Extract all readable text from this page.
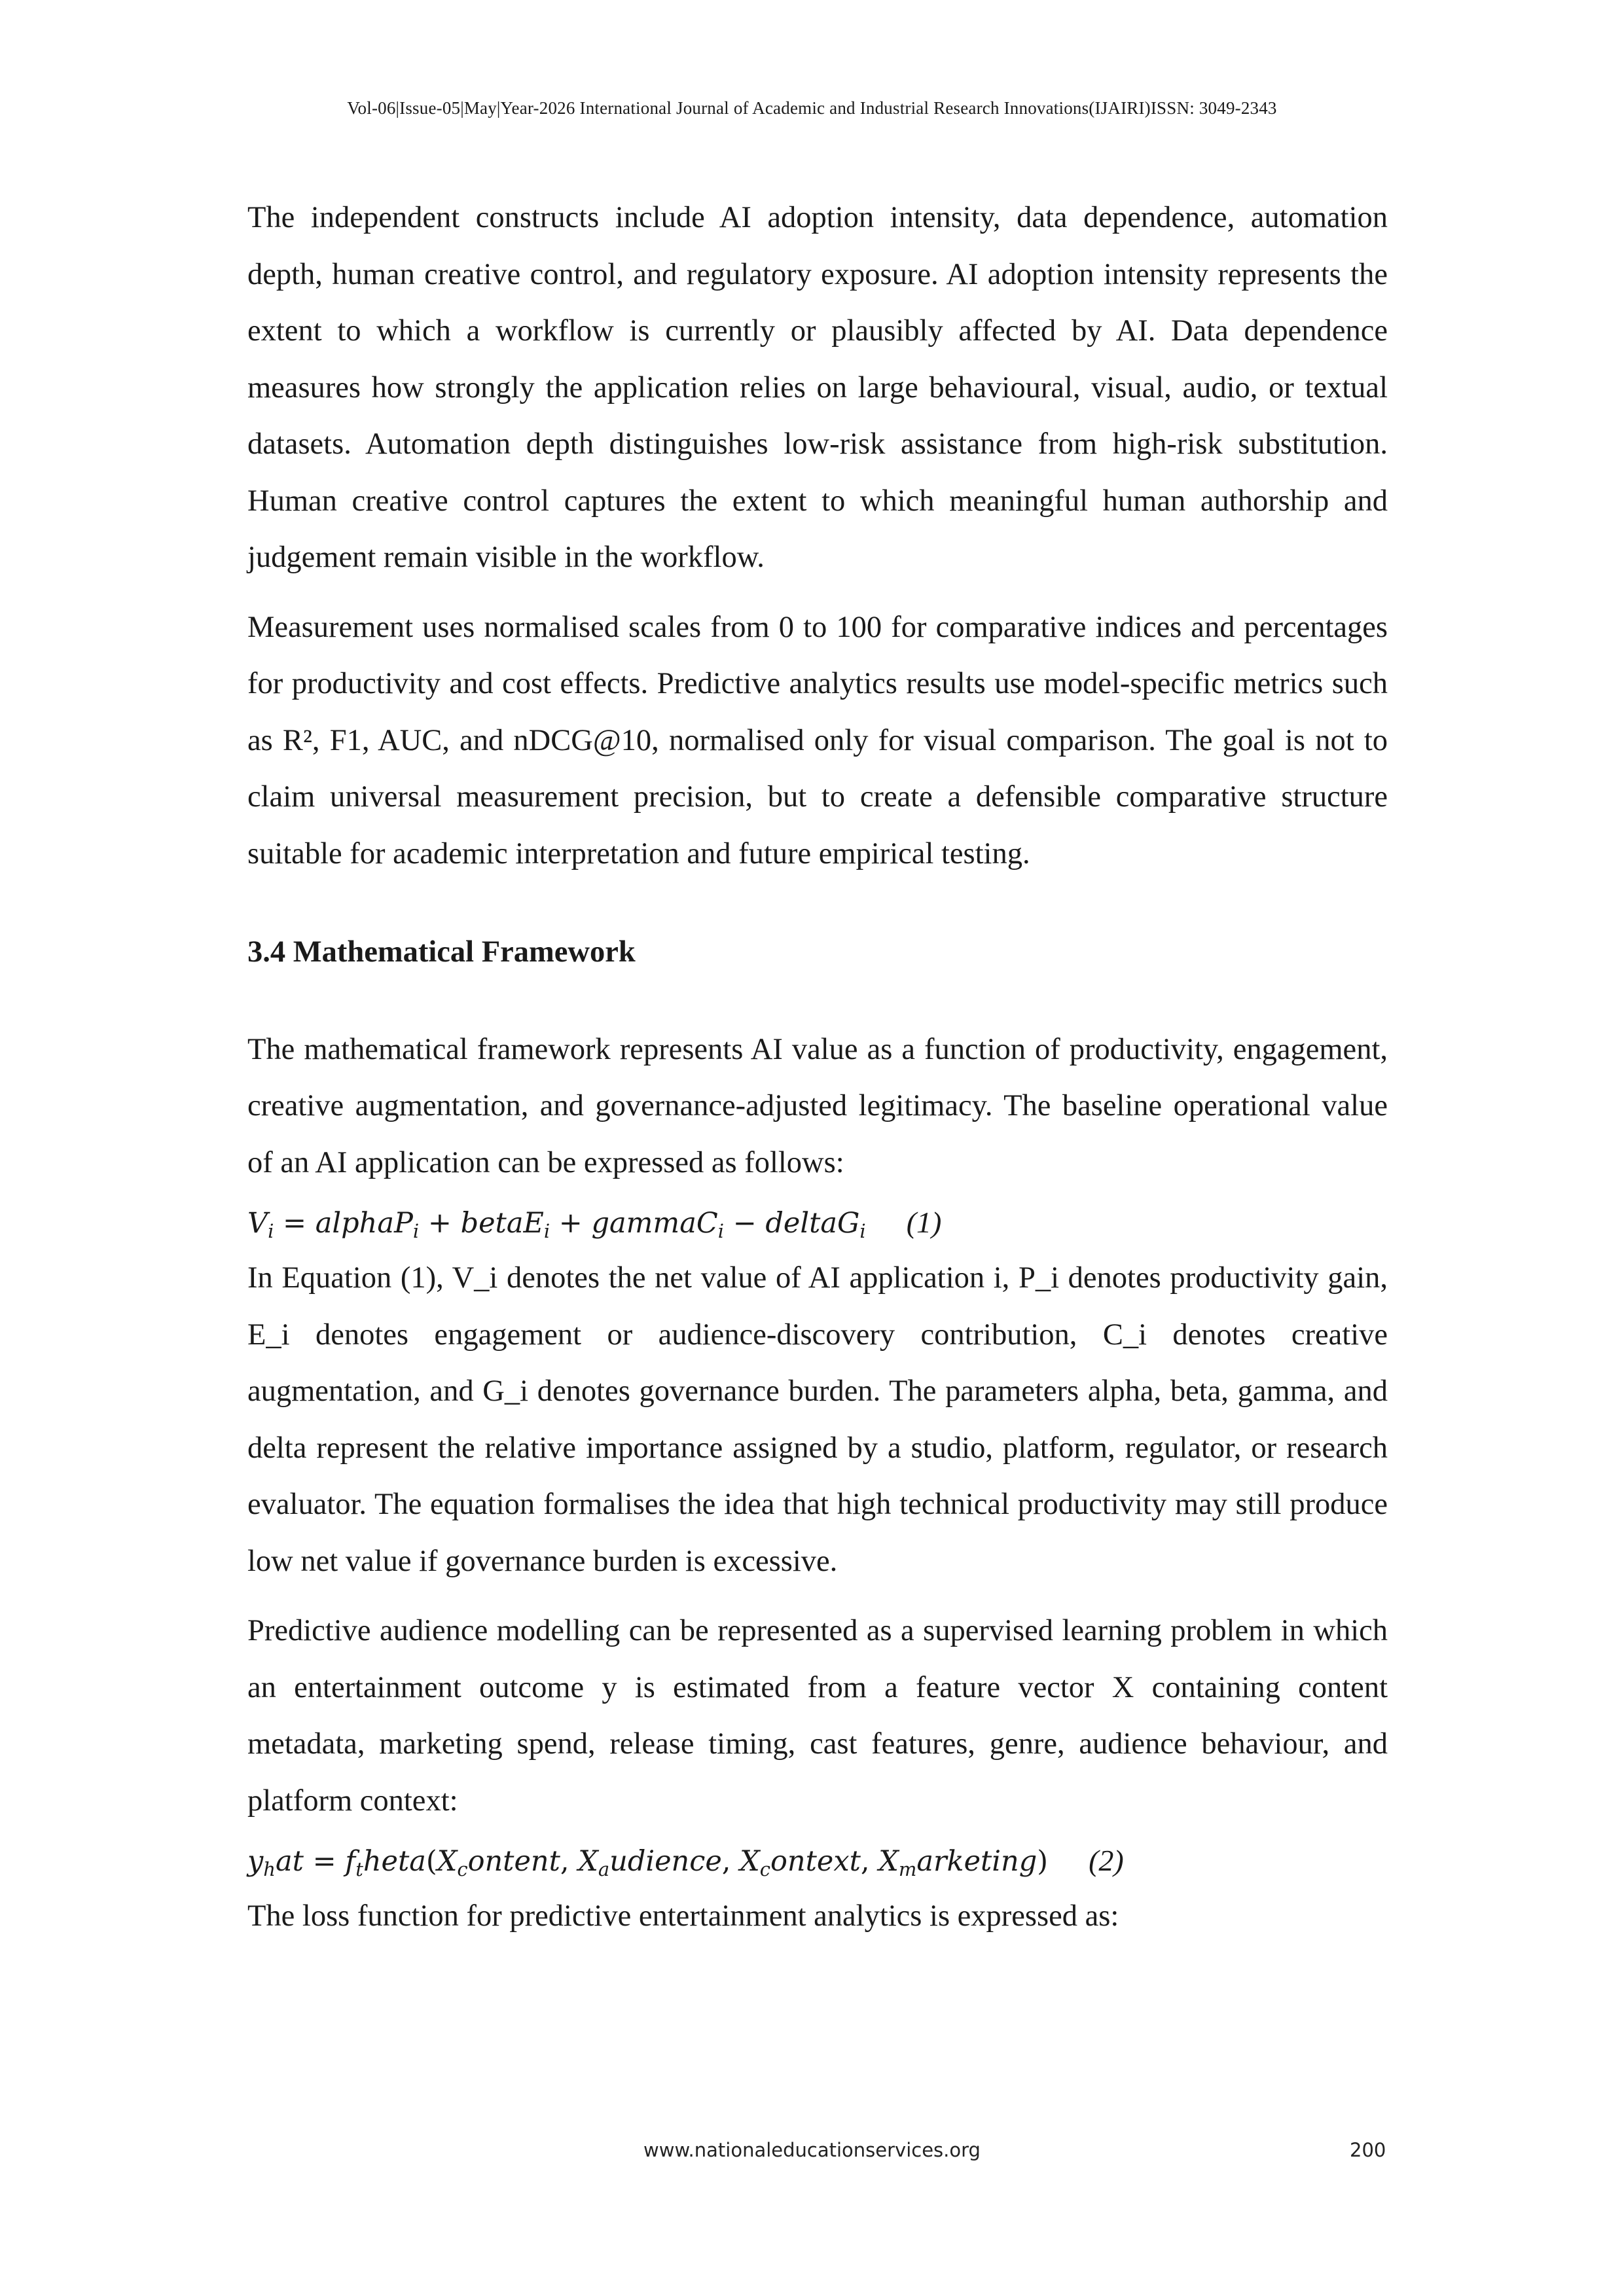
Vol-06|Issue-05|May|Year-2026 International Journal of Academic and Industrial Research Innovations(IJAIRI)ISSN: 3049-2343

The independent constructs include AI adoption intensity, data dependence, automation depth, human creative control, and regulatory exposure. AI adoption intensity represents the extent to which a workflow is currently or plausibly affected by AI. Data dependence measures how strongly the application relies on large behavioural, visual, audio, or textual datasets. Automation depth distinguishes low-risk assistance from high-risk substitution. Human creative control captures the extent to which meaningful human authorship and judgement remain visible in the workflow.

Measurement uses normalised scales from 0 to 100 for comparative indices and percentages for productivity and cost effects. Predictive analytics results use model-specific metrics such as R², F1, AUC, and nDCG@10, normalised only for visual comparison. The goal is not to claim universal measurement precision, but to create a defensible comparative structure suitable for academic interpretation and future empirical testing.

3.4 Mathematical Framework

The mathematical framework represents AI value as a function of productivity, engagement, creative augmentation, and governance-adjusted legitimacy. The baseline operational value of an AI application can be expressed as follows:

$V_i$ = alphaP$_i$ + betaE$_i$ + gammaC$_i$ − deltaG$_i$ (1)

In Equation (1), V_i denotes the net value of AI application i, P_i denotes productivity gain, E_i denotes engagement or audience-discovery contribution, C_i denotes creative augmentation, and G_i denotes governance burden. The parameters alpha, beta, gamma, and delta represent the relative importance assigned by a studio, platform, regulator, or research evaluator. The equation formalises the idea that high technical productivity may still produce low net value if governance burden is excessive.

Predictive audience modelling can be represented as a supervised learning problem in which an entertainment outcome y is estimated from a feature vector X containing content metadata, marketing spend, release timing, cast features, genre, audience behaviour, and platform context:

$y_hat$ = $f_theta(X_content$, $X_audience$, $X_context$, $X_marketing$) (2)

The loss function for predictive entertainment analytics is expressed as:

www.nationaleducationservices.org	200
